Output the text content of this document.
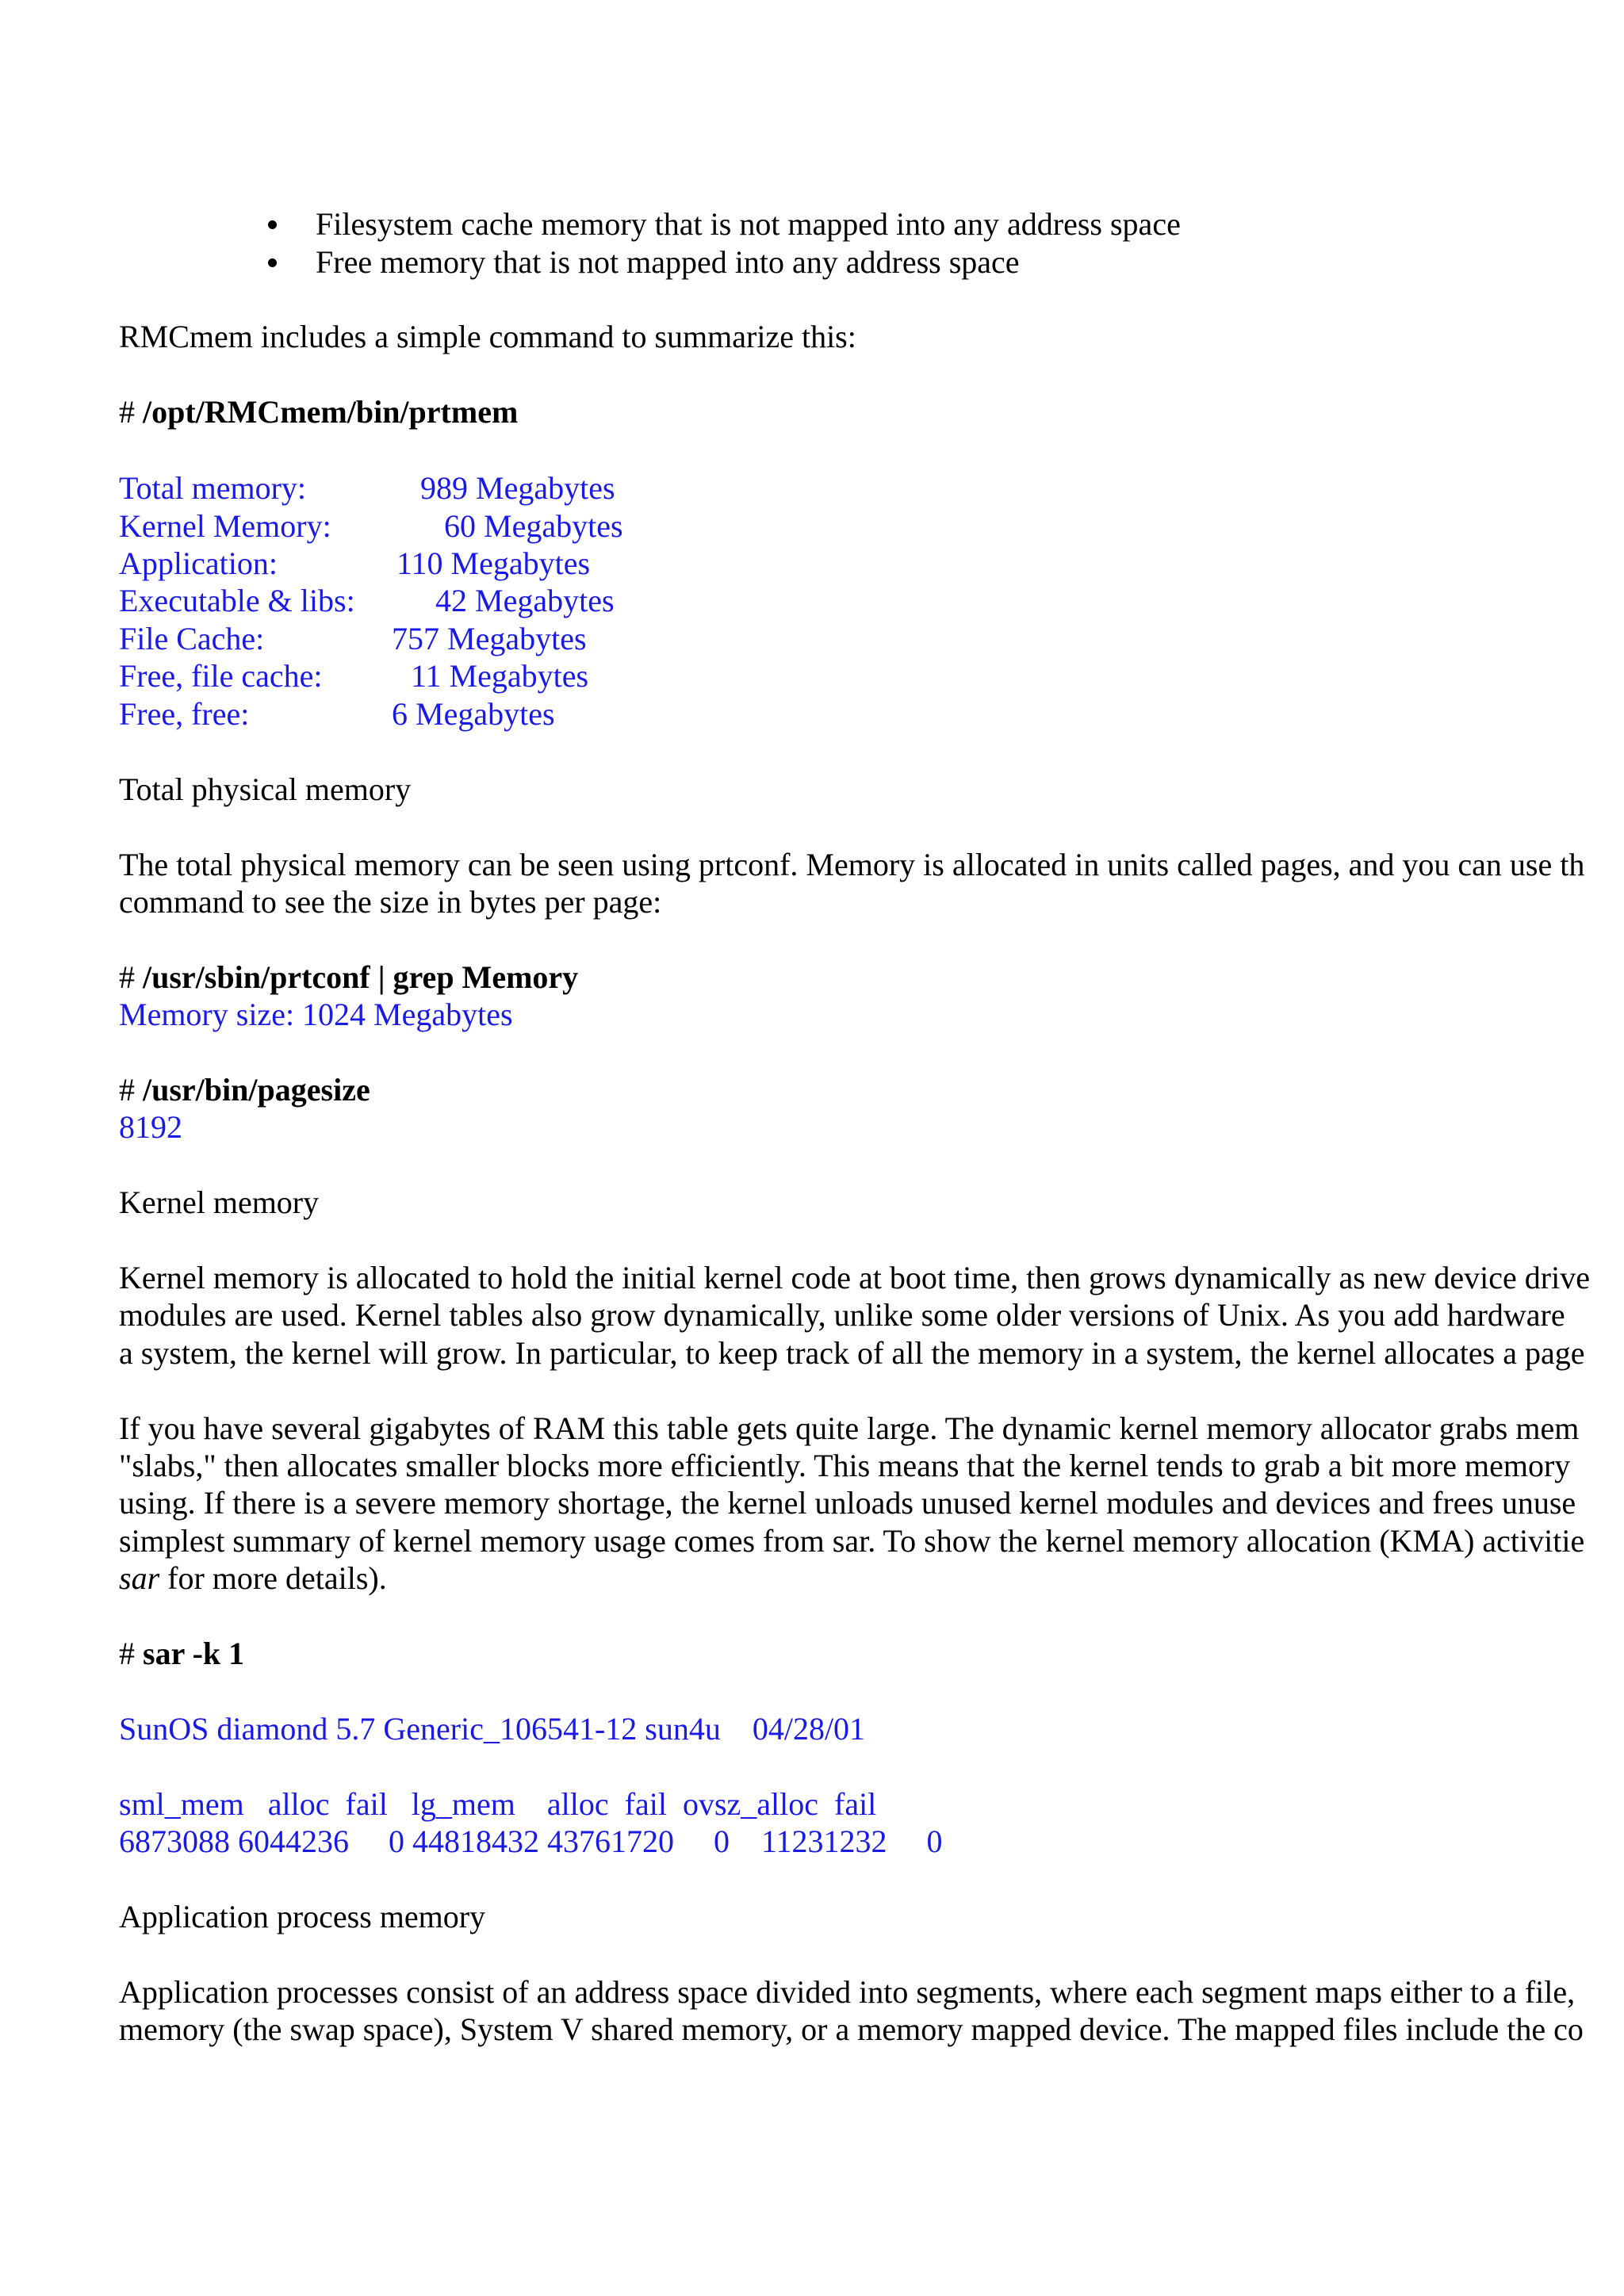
Filesystem cache memory that is not mapped into any address space
Free memory that is not mapped into any address space
RMCmem includes a simple command to summarize this:
# /opt/RMCmem/bin/prtmem
Total memory:	989 Megabytes
Kernel Memory:	60 Megabytes
Application:	110 Megabytes
Executable & libs:	42 Megabytes
File Cache:	757 Megabytes
Free, file cache:	11 Megabytes
Free, free:	6 Megabytes
Total physical memory
The total physical memory can be seen using prtconf. Memory is allocated in units called pages, and you can use th
command to see the size in bytes per page:
# /usr/sbin/prtconf | grep Memory
Memory size: 1024 Megabytes
# /usr/bin/pagesize
8192
Kernel memory
Kernel memory is allocated to hold the initial kernel code at boot time, then grows dynamically as new device drive
modules are used. Kernel tables also grow dynamically, unlike some older versions of Unix. As you add hardware
a system, the kernel will grow. In particular, to keep track of all the memory in a system, the kernel allocates a page
If you have several gigabytes of RAM this table gets quite large. The dynamic kernel memory allocator grabs mem
"slabs," then allocates smaller blocks more efficiently. This means that the kernel tends to grab a bit more memory
using. If there is a severe memory shortage, the kernel unloads unused kernel modules and devices and frees unuse
simplest summary of kernel memory usage comes from sar. To show the kernel memory allocation (KMA) activitie
sar for more details).
# sar -k 1
SunOS diamond 5.7 Generic_106541-12 sun4u    04/28/01
sml_mem   alloc  fail   lg_mem    alloc  fail  ovsz_alloc  fail
6873088 6044236     0 44818432 43761720     0    11231232     0
Application process memory
Application processes consist of an address space divided into segments, where each segment maps either to a file,
memory (the swap space), System V shared memory, or a memory mapped device. The mapped files include the co
